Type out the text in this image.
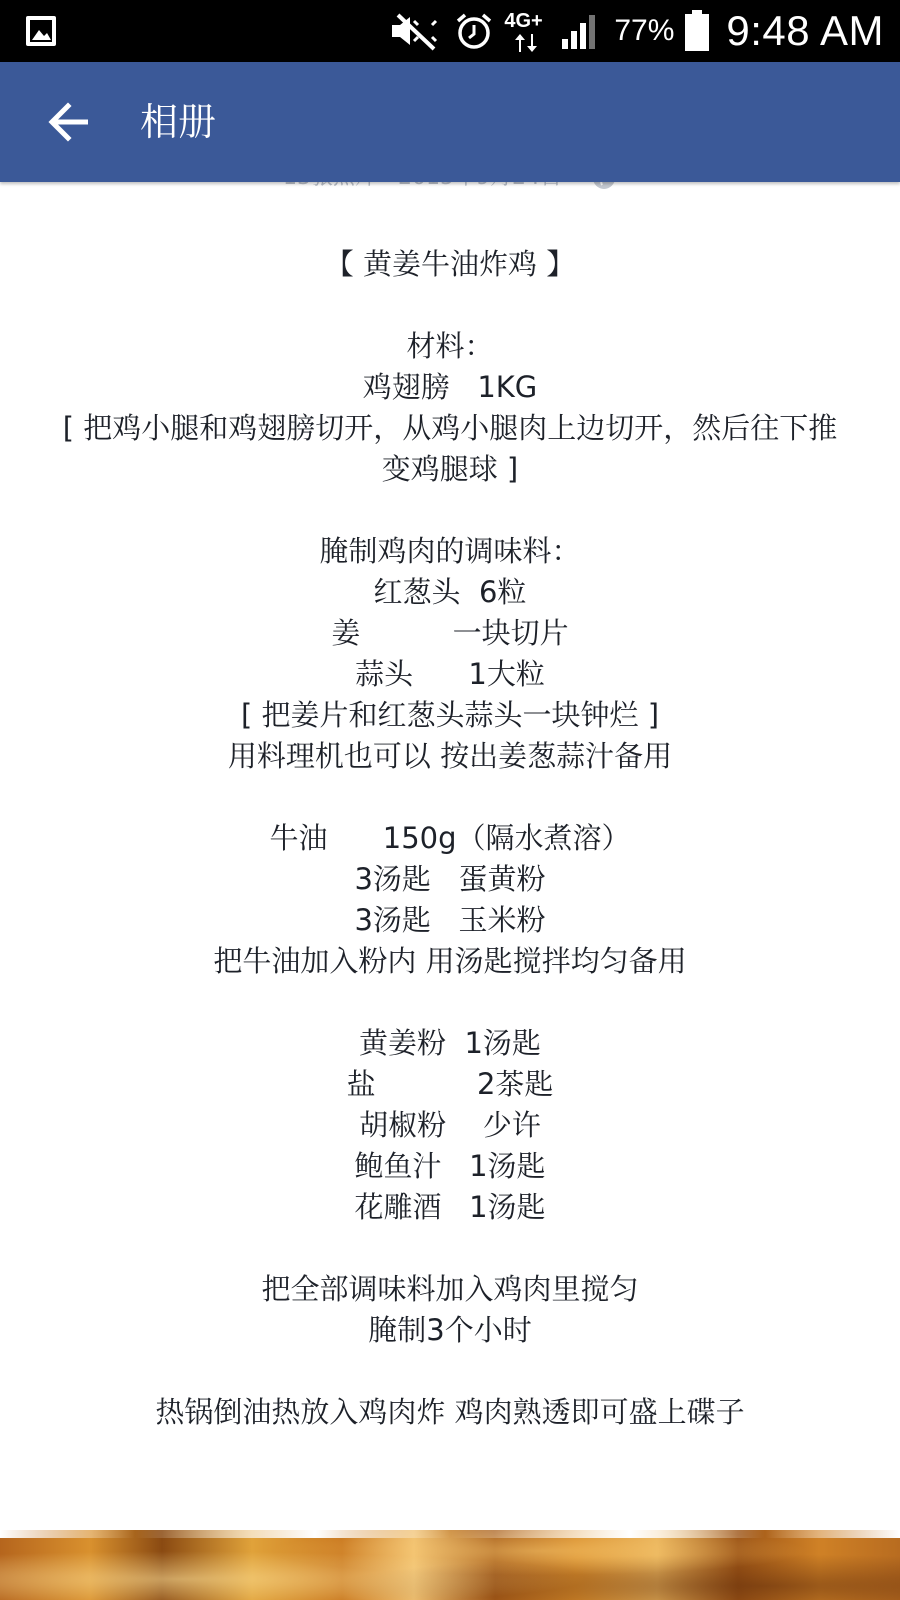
4G+ 77% 9:48 AM
相册
【 黄姜牛油炸鸡 】
材料：
鸡翅膀   1KG
[ 把鸡小腿和鸡翅膀切开，从鸡小腿肉上边切开，然后往下推变鸡腿球 ]
腌制鸡肉的调味料：
红葱头  6粒
姜          一块切片
蒜头      1大粒
[ 把姜片和红葱头蒜头一块钟烂 ]
用料理机也可以 按出姜葱蒜汁备用
牛油      150g（隔水煮溶）
3汤匙   蛋黄粉
3汤匙   玉米粉
把牛油加入粉内 用汤匙搅拌均匀备用
黄姜粉  1汤匙
盐           2茶匙
胡椒粉    少许
鲍鱼汁   1汤匙
花雕酒   1汤匙
把全部调味料加入鸡肉里搅匀
腌制3个小时
热锅倒油热放入鸡肉炸 鸡肉熟透即可盛上碟子
